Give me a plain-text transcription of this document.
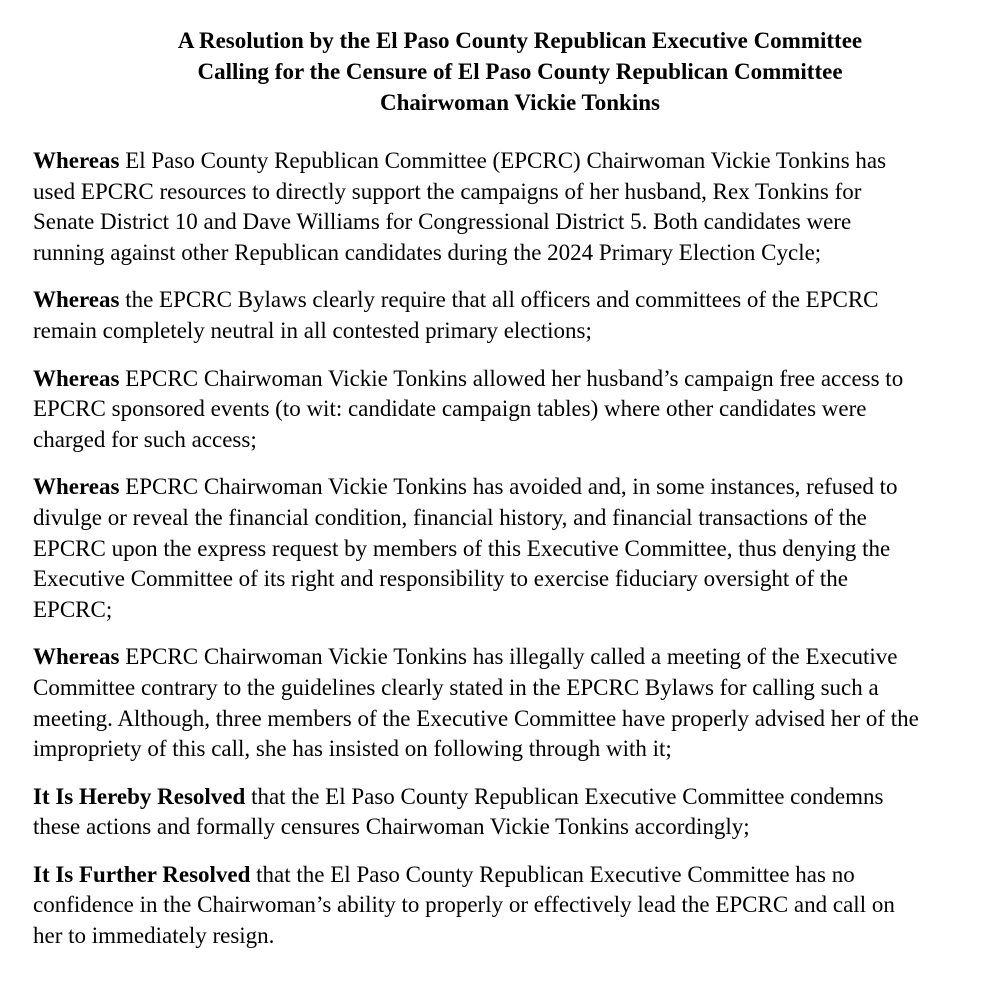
A Resolution by the El Paso County Republican Executive Committee
Calling for the Censure of El Paso County Republican Committee
Chairwoman Vickie Tonkins

Whereas El Paso County Republican Committee (EPCRC) Chairwoman Vickie Tonkins has
used EPCRC resources to directly support the campaigns of her husband, Rex Tonkins for
Senate District 10 and Dave Williams for Congressional District 5. Both candidates were
running against other Republican candidates during the 2024 Primary Election Cycle;

Whereas the EPCRC Bylaws clearly require that all officers and committees of the EPCRC
remain completely neutral in all contested primary elections;

Whereas EPCRC Chairwoman Vickie Tonkins allowed her husband’s campaign free access to
EPCRC sponsored events (to wit: candidate campaign tables) where other candidates were
charged for such access;

Whereas EPCRC Chairwoman Vickie Tonkins has avoided and, in some instances, refused to
divulge or reveal the financial condition, financial history, and financial transactions of the
EPCRC upon the express request by members of this Executive Committee, thus denying the
Executive Committee of its right and responsibility to exercise fiduciary oversight of the
EPCRC;

Whereas EPCRC Chairwoman Vickie Tonkins has illegally called a meeting of the Executive
Committee contrary to the guidelines clearly stated in the EPCRC Bylaws for calling such a
meeting. Although, three members of the Executive Committee have properly advised her of the
impropriety of this call, she has insisted on following through with it;

It Is Hereby Resolved that the El Paso County Republican Executive Committee condemns
these actions and formally censures Chairwoman Vickie Tonkins accordingly;

It Is Further Resolved that the El Paso County Republican Executive Committee has no
confidence in the Chairwoman’s ability to properly or effectively lead the EPCRC and call on
her to immediately resign.
